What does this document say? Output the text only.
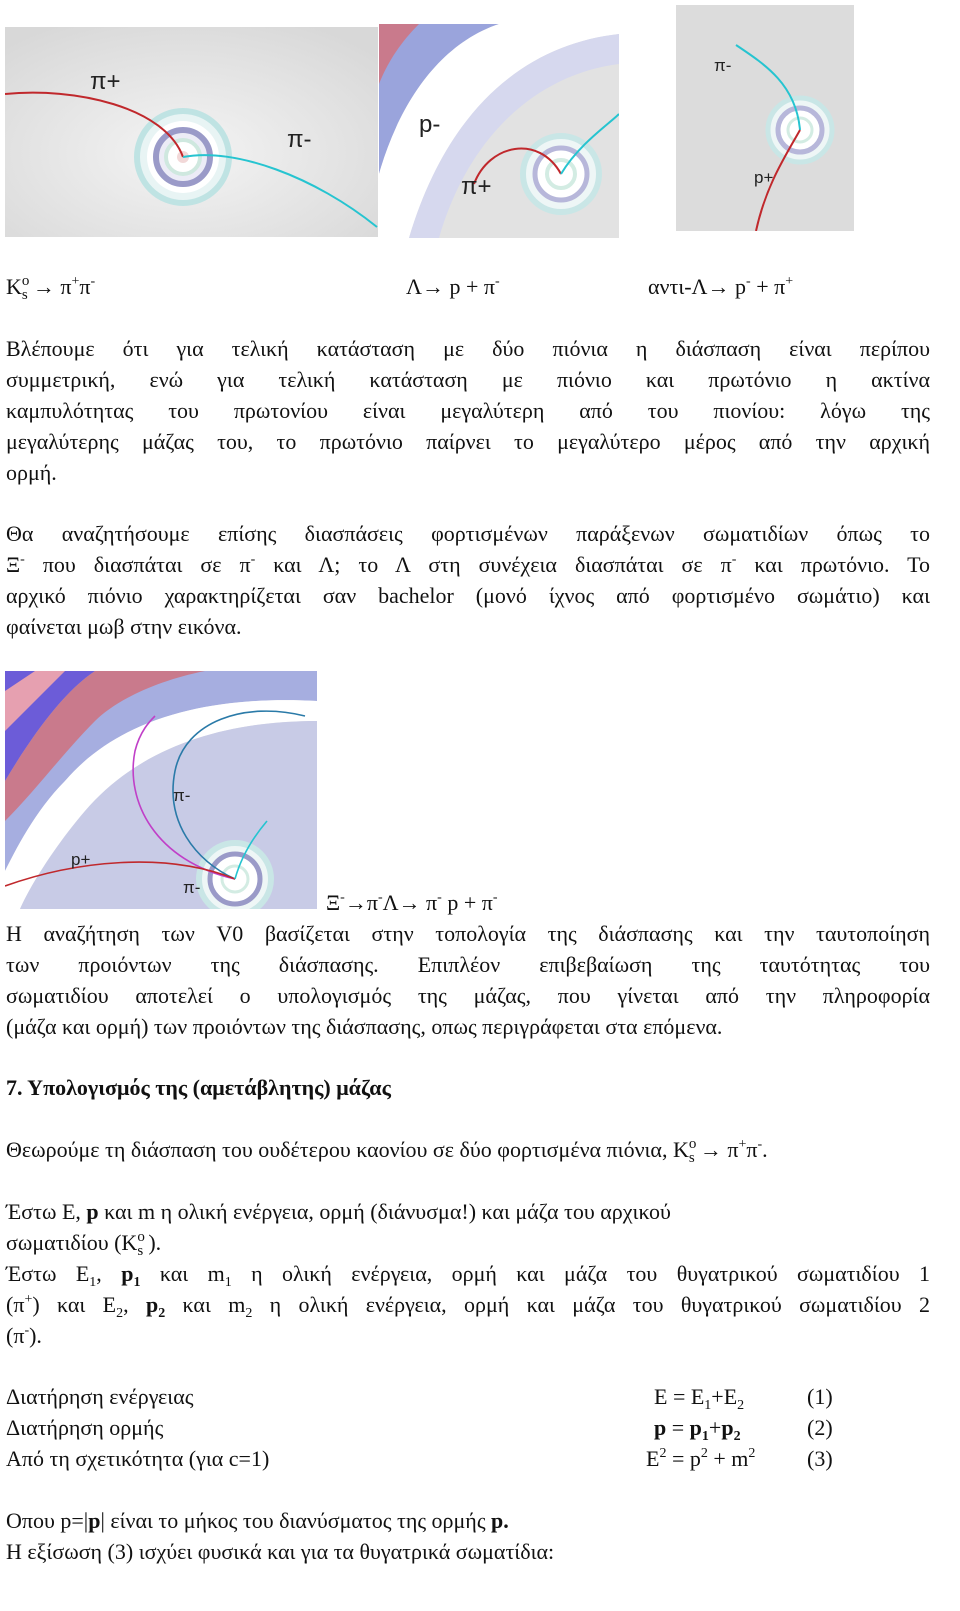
π+
π-
p-
π+
π-
p+
K o
s → π+π-	Λ→ p + π-	αντι-Λ→ p- + π+
Βλέπουμε ότι για τελική κατάσταση με δύο πιόνια η διάσπαση είναι περίπου
συμμετρική, ενώ για τελική κατάσταση με πιόνιο και πρωτόνιο η ακτίνα
καμπυλότητας του πρωτονίου είναι μεγαλύτερη από του πιονίου: λόγω της
μεγαλύτερης μάζας του, το πρωτόνιο παίρνει το μεγαλύτερο μέρος από την αρχική
ορμή.
Θα αναζητήσουμε επίσης διασπάσεις φορτισμένων παράξενων σωματιδίων όπως το
Ξ- που διασπάται σε π- και Λ; το Λ στη συνέχεια διασπάται σε π- και πρωτόνιο. Το
αρχικό πιόνιο χαρακτηρίζεται σαν bachelor (μονό ίχνος από φορτισμένο σωμάτιο) και
φαίνεται μωβ στην εικόνα.
π-
p+
π-
Ξ-→π-Λ→ π- p + π-
Η αναζήτηση των V0 βασίζεται στην τοπολογία της διάσπασης και την ταυτοποίηση
των προιόντων της διάσπασης. Επιπλέον επιβεβαίωση της ταυτότητας του
σωματιδίου αποτελεί ο υπολογισμός της μάζας, που γίνεται από την πληροφορία
(μάζα και ορμή) των προιόντων της διάσπασης, οπως περιγράφεται στα επόμενα.
7. Υπολογισμός της (αμετάβλητης) μάζας
Θεωρούμε τη διάσπαση του ουδέτερου καονίου σε δύο φορτισμένα πιόνια, K o
s → π+π-.
Έστω E, p και m η ολική ενέργεια, ορμή (διάνυσμα!) και μάζα του αρχικού
σωματιδίου (K o
s ).
Έστω $E_1$, $p_1$ και $m_1$ η ολική ενέργεια, ορμή και μάζα του θυγατρικού σωματιδίου 1
(π+) και $E_2$, $p_2$ και $m_2$ η ολική ενέργεια, ορμή και μάζα του θυγατρικού σωματιδίου 2
(π-).
Διατήρηση ενέργειας	$E = E_1+E_2$	(1)
Διατήρηση ορμής	$p = p_1+p_2$	(2)
Από τη σχετικότητα (για c=1)	$E^2 = p^2 + m^2$ (3)
Οπου p=|p| είναι το μήκος του διανύσματος της ορμής p.
Η εξίσωση (3) ισχύει φυσικά και για τα θυγατρικά σωματίδια:
